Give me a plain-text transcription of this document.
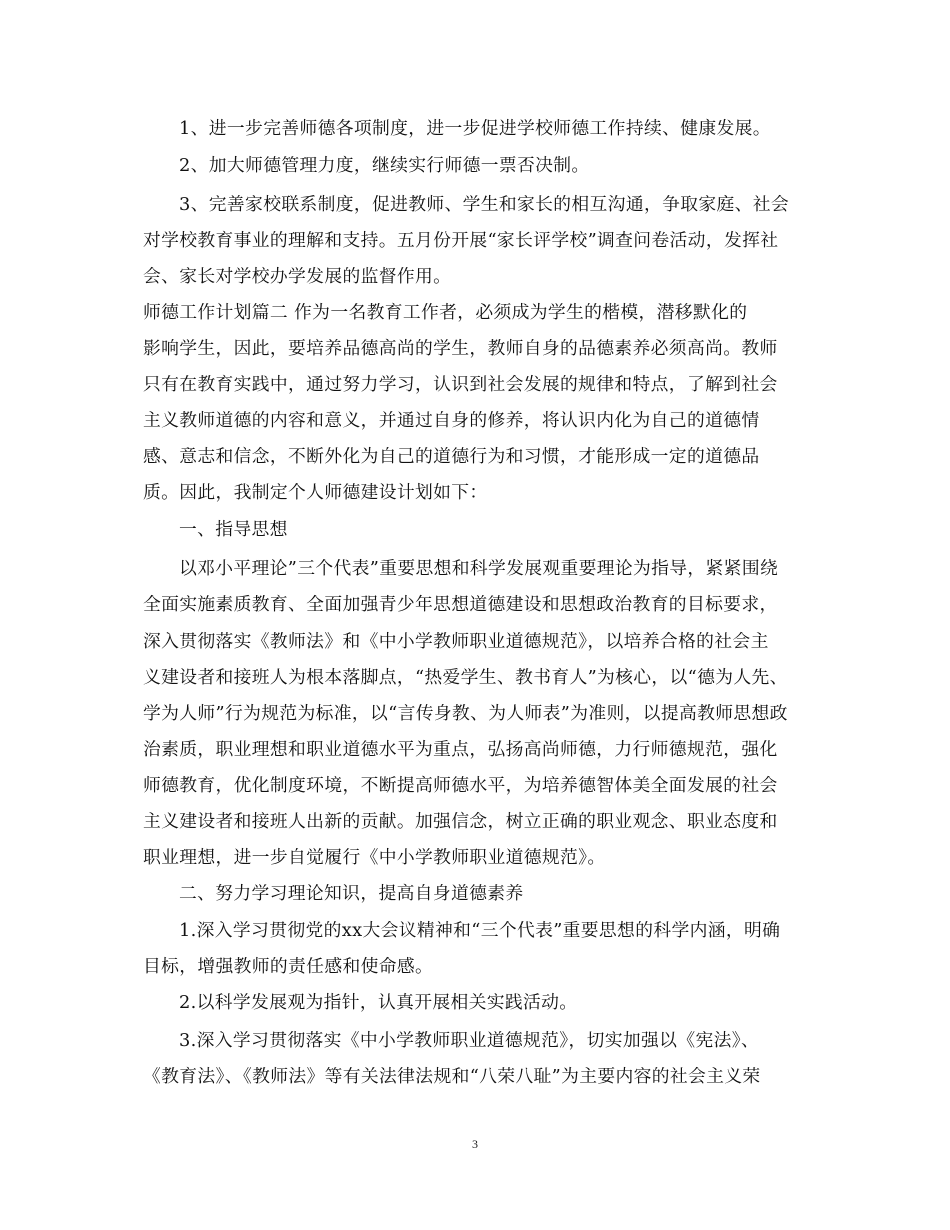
1、进一步完善师德各项制度，进一步促进学校师德工作持续、健康发展。
2、加大师德管理力度，继续实行师德一票否决制。
3、完善家校联系制度，促进教师、学生和家长的相互沟通，争取家庭、社会
对学校教育事业的理解和支持。五月份开展“家长评学校”调查问卷活动，发挥社
会、家长对学校办学发展的监督作用。
师德工作计划篇二 作为一名教育工作者，必须成为学生的楷模，潜移默化的
影响学生，因此，要培养品德高尚的学生，教师自身的品德素养必须高尚。教师
只有在教育实践中，通过努力学习，认识到社会发展的规律和特点，了解到社会
主义教师道德的内容和意义，并通过自身的修养，将认识内化为自己的道德情
感、意志和信念，不断外化为自己的道德行为和习惯，才能形成一定的道德品
质。因此，我制定个人师德建设计划如下：
一、指导思想
以邓小平理论”三个代表”重要思想和科学发展观重要理论为指导，紧紧围绕
全面实施素质教育、全面加强青少年思想道德建设和思想政治教育的目标要求，
深入贯彻落实《教师法》和《中小学教师职业道德规范》，以培养合格的社会主
义建设者和接班人为根本落脚点，“热爱学生、教书育人”为核心，以“德为人先、
学为人师”行为规范为标准，以“言传身教、为人师表”为准则，以提高教师思想政
治素质，职业理想和职业道德水平为重点，弘扬高尚师德，力行师德规范，强化
师德教育，优化制度环境，不断提高师德水平，为培养德智体美全面发展的社会
主义建设者和接班人出新的贡献。加强信念，树立正确的职业观念、职业态度和
职业理想，进一步自觉履行《中小学教师职业道德规范》。
二、努力学习理论知识，提高自身道德素养
1.深入学习贯彻党的xx大会议精神和“三个代表”重要思想的科学内涵，明确
目标，增强教师的责任感和使命感。
2.以科学发展观为指针，认真开展相关实践活动。
3.深入学习贯彻落实《中小学教师职业道德规范》，切实加强以《宪法》、
《教育法》、《教师法》等有关法律法规和“八荣八耻”为主要内容的社会主义荣
3
